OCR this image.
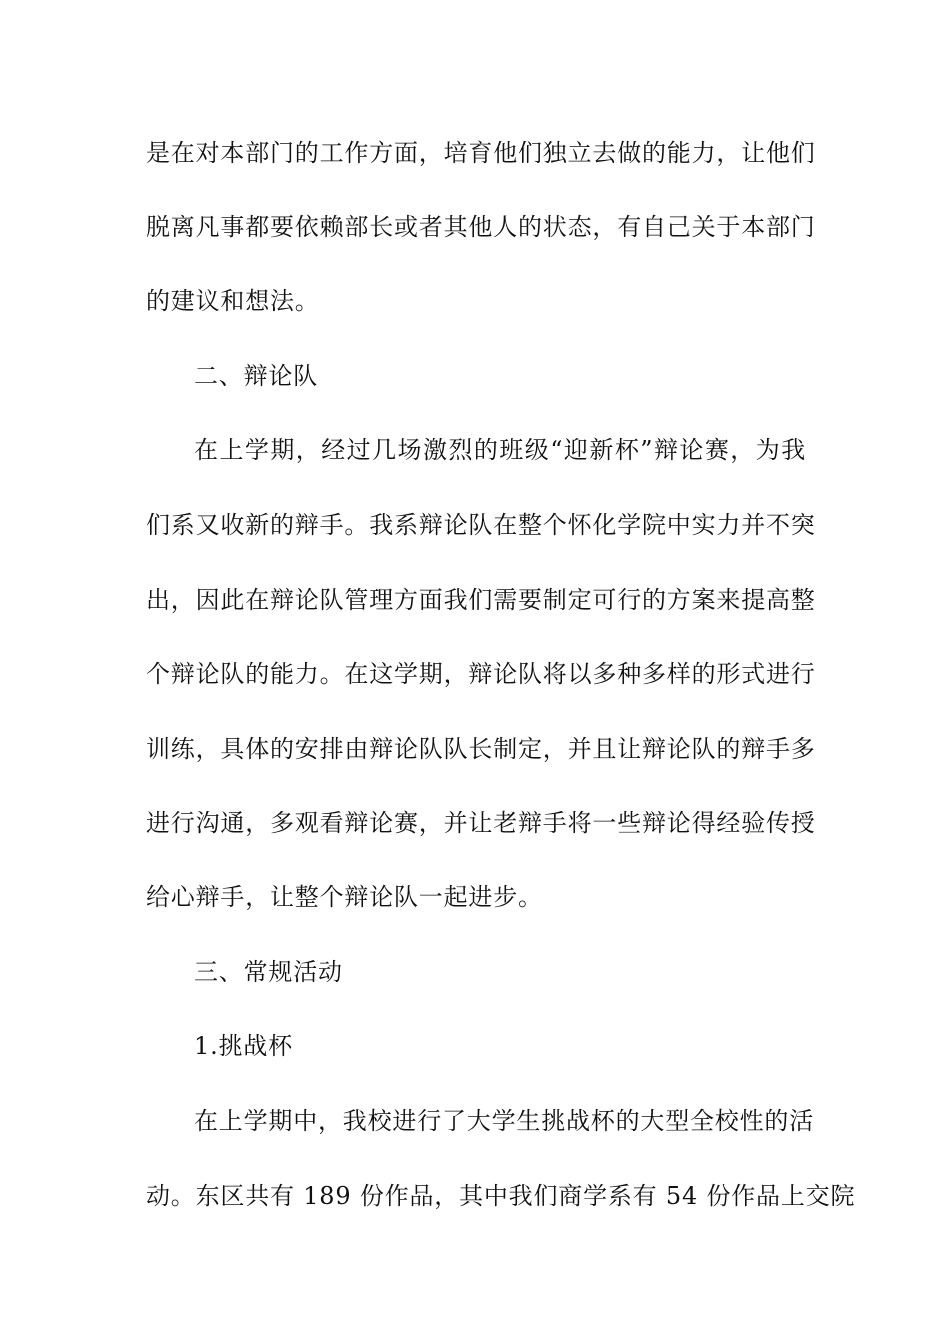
是在对本部门的工作方面，培育他们独立去做的能力，让他们
脱离凡事都要依赖部长或者其他人的状态，有自己关于本部门
的建议和想法。
二、辩论队
在上学期，经过几场激烈的班级“迎新杯”辩论赛，为我
们系又收新的辩手。我系辩论队在整个怀化学院中实力并不突
出，因此在辩论队管理方面我们需要制定可行的方案来提高整
个辩论队的能力。在这学期，辩论队将以多种多样的形式进行
训练，具体的安排由辩论队队长制定，并且让辩论队的辩手多
进行沟通，多观看辩论赛，并让老辩手将一些辩论得经验传授
给心辩手，让整个辩论队一起进步。
三、常规活动
1.挑战杯
在上学期中，我校进行了大学生挑战杯的大型全校性的活
动。东区共有 189 份作品，其中我们商学系有 54 份作品上交院
